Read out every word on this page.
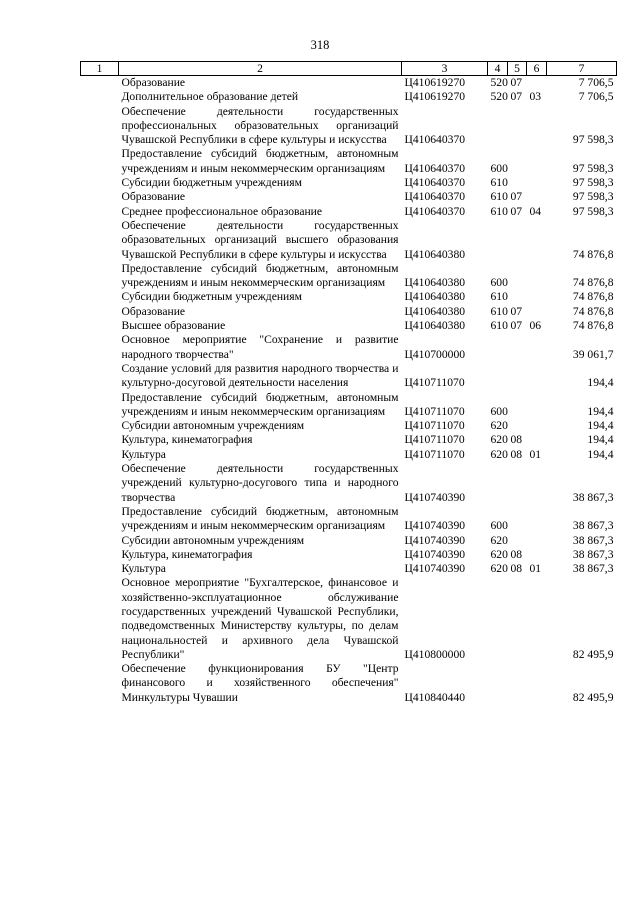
318
1	2	3	4	5	6	7
	Образование	Ц410619270	520	07		7 706,5
	Дополнительное образование детей	Ц410619270	520	07	03	7 706,5
	Обеспечение деятельности государственных профессиональных образовательных организаций Чувашской Республики в сфере культуры и искусства	Ц410640370				97 598,3
	Предоставление субсидий бюджетным, автономным учреждениям и иным некоммерческим организациям	Ц410640370	600			97 598,3
	Субсидии бюджетным учреждениям	Ц410640370	610			97 598,3
	Образование	Ц410640370	610	07		97 598,3
	Среднее профессиональное образование	Ц410640370	610	07	04	97 598,3
	Обеспечение деятельности государственных образовательных организаций высшего образования Чувашской Республики в сфере культуры и искусства	Ц410640380				74 876,8
	Предоставление субсидий бюджетным, автономным учреждениям и иным некоммерческим организациям	Ц410640380	600			74 876,8
	Субсидии бюджетным учреждениям	Ц410640380	610			74 876,8
	Образование	Ц410640380	610	07		74 876,8
	Высшее образование	Ц410640380	610	07	06	74 876,8
	Основное мероприятие "Сохранение и развитие народного творчества"	Ц410700000				39 061,7
	Создание условий для развития народного творчества и культурно-досуговой деятельности населения	Ц410711070				194,4
	Предоставление субсидий бюджетным, автономным учреждениям и иным некоммерческим организациям	Ц410711070	600			194,4
	Субсидии автономным учреждениям	Ц410711070	620			194,4
	Культура, кинематография	Ц410711070	620	08		194,4
	Культура	Ц410711070	620	08	01	194,4
	Обеспечение деятельности государственных учреждений культурно-досугового типа и народного творчества	Ц410740390				38 867,3
	Предоставление субсидий бюджетным, автономным учреждениям и иным некоммерческим организациям	Ц410740390	600			38 867,3
	Субсидии автономным учреждениям	Ц410740390	620			38 867,3
	Культура, кинематография	Ц410740390	620	08		38 867,3
	Культура	Ц410740390	620	08	01	38 867,3
	Основное мероприятие "Бухгалтерское, финансовое и хозяйственно-эксплуатационное обслуживание государственных учреждений Чувашской Республики, подведомственных Министерству культуры, по делам национальностей и архивного дела Чувашской Республики"	Ц410800000				82 495,9
	Обеспечение функционирования БУ "Центр финансового и хозяйственного обеспечения" Минкультуры Чувашии	Ц410840440				82 495,9
